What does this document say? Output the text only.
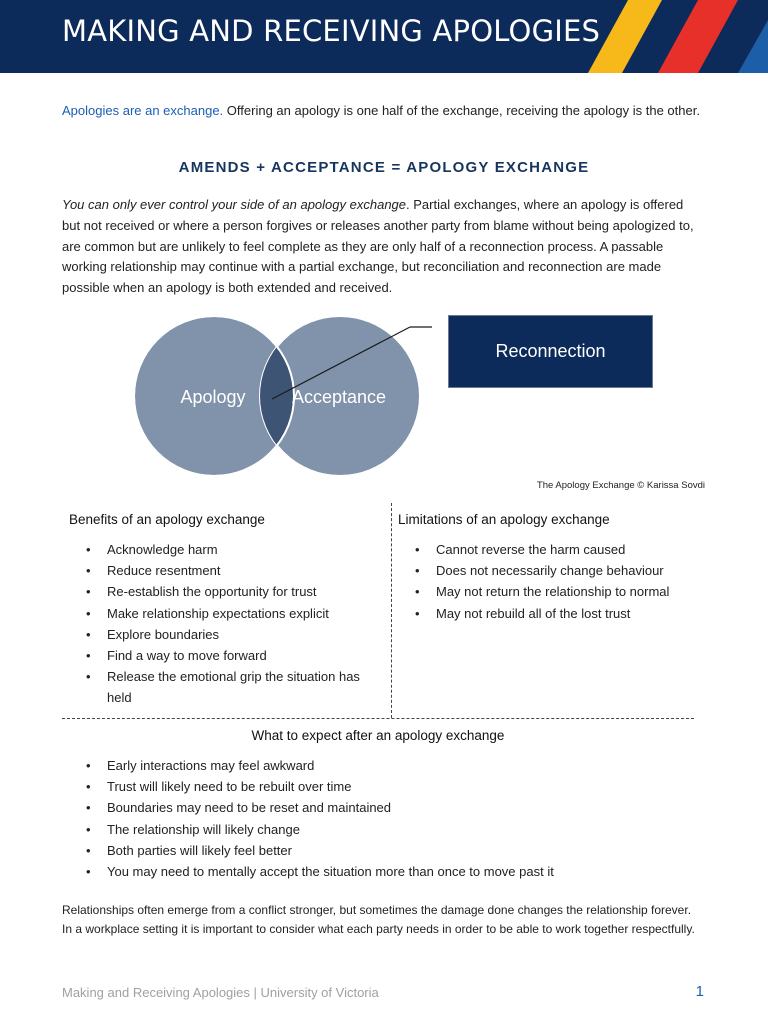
MAKING AND RECEIVING APOLOGIES
Apologies are an exchange. Offering an apology is one half of the exchange, receiving the apology is the other.
AMENDS + ACCEPTANCE = APOLOGY EXCHANGE
You can only ever control your side of an apology exchange. Partial exchanges, where an apology is offered but not received or where a person forgives or releases another party from blame without being apologized to, are common but are unlikely to feel complete as they are only half of a reconnection process. A passable working relationship may continue with a partial exchange, but reconciliation and reconnection are made possible when an apology is both extended and received.
Apology	Acceptance
Reconnection
The Apology Exchange © Karissa Sovdi
Benefits of an apology exchange
• Acknowledge harm
• Reduce resentment
• Re-establish the opportunity for trust
• Make relationship expectations explicit
• Explore boundaries
• Find a way to move forward
• Release the emotional grip the situation has held
Limitations of an apology exchange
• Cannot reverse the harm caused
• Does not necessarily change behaviour
• May not return the relationship to normal
• May not rebuild all of the lost trust
What to expect after an apology exchange
• Early interactions may feel awkward
• Trust will likely need to be rebuilt over time
• Boundaries may need to be reset and maintained
• The relationship will likely change
• Both parties will likely feel better
• You may need to mentally accept the situation more than once to move past it
Relationships often emerge from a conflict stronger, but sometimes the damage done changes the relationship forever. In a workplace setting it is important to consider what each party needs in order to be able to work together respectfully.
Making and Receiving Apologies | University of Victoria	1
